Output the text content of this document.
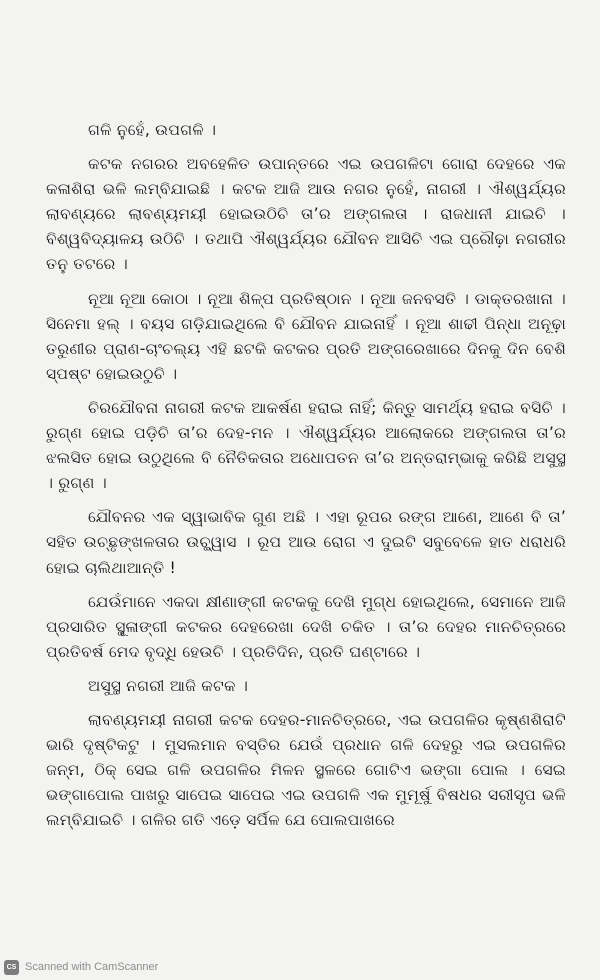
ଗଳି ନୁହେଁ, ଉପଗଳି ।

କଟକ ନଗରର ଅବହେଳିତ ଉପାନ୍ତରେ ଏଇ ଉପଗଳିଟା ଗୋରା ଦେହରେ ଏକ କଳାଶିରା ଭଳି ଲମ୍ବିଯାଇଛି । କଟକ ଆଜି ଆଉ ନଗର ନୁହେଁ, ନାଗରୀ । ଐଶ୍ୱର୍ଯ୍ୟର ଲାବଣ୍ୟରେ ଲାବଣ୍ୟମୟୀ ହୋଇଉଠିଚି ତା’ର ଅଙ୍ଗଲତା । ରାଜଧାନୀ ଯାଇଚି । ବିଶ୍ୱବିଦ୍ୟାଳୟ ଉଠିଚି । ତଥାପି ଐଶ୍ୱର୍ଯ୍ୟର ଯୌବନ ଆସିଚି ଏଇ ପ୍ରୌଢ଼ା ନଗରୀର ତନୁ ତଟରେ ।

ନୂଆ ନୂଆ କୋଠା । ନୂଆ ଶିଳ୍ପ ପ୍ରତିଷ୍ଠାନ । ନୂଆ ଜନବସତି । ଡାକ୍ତରଖାନା । ସିନେମା ହଲ୍ । ବୟସ ଗଡ଼ିଯାଇଥିଲେ ବି ଯୌବନ ଯାଇନାହିଁ । ନୂଆ ଶାଢୀ ପିନ୍ଧା ଅନୂଢ଼ା ତରୁଣୀର ପ୍ରାଣ-ଚାଂଚଲ୍ୟ ଏହି ଛଟକି କଟକର ପ୍ରତି ଅଙ୍ଗରେଖାରେ ଦିନକୁ ଦିନ ବେଶି ସ୍ପଷ୍ଟ ହୋଇଉଠୁଚି ।

ଚିରଯୌବନା ନାଗରୀ କଟକ ଆକର୍ଷଣ ହରାଇ ନାହିଁ; କିନ୍ତୁ ସାମର୍ଥ୍ୟ ହରାଇ ବସିଚି । ରୁଗ୍ଣ ହୋଇ ପଡ଼ିଚି ତା’ର ଦେହ-ମନ । ଐଶ୍ୱର୍ଯ୍ୟର ଆଲୋକରେ ଅଙ୍ଗଲତା ତା’ର ଝଲସିତ ହୋଇ ଉଠୁଥିଲେ ବି ନୈତିକତାର ଅଧୋପତନ ତା’ର ଅନ୍ତରାମ୍ଭାକୁ କରିଛି ଅସୁସ୍ଥ । ରୁଗ୍ଣ ।

ଯୌବନର ଏକ ସ୍ୱାଭାବିକ ଗୁଣ ଅଛି । ଏହା ରୂପର ରଙ୍ଗ ଆଣେ, ଆଣେ ବି ତା’ ସହିତ ଉଚ୍ଛୃଙ୍ଖଳତାର ଉଚ୍ଛ୍ୱାସ । ରୂପ ଆଉ ରୋଗ ଏ ଦୁଇଟି ସବୁବେଳେ ହାତ ଧରାଧରି ହୋଇ ଚାଲିଥାଆନ୍ତି !

ଯେଉଁମାନେ ଏକଦା କ୍ଷୀଣାଙ୍ଗୀ କଟକକୁ ଦେଖି ମୁଗ୍ଧ ହୋଇଥିଲେ, ସେମାନେ ଆଜି ପ୍ରସାରିତ ସ୍ଥୂଳାଙ୍ଗୀ କଟକର ଦେହରେଖା ଦେଖି ଚକିତ । ତା’ର ଦେହର ମାନଚିତ୍ରରେ ପ୍ରତିବର୍ଷ ମେଦ ବୃଦ୍ଧି ହେଉଚି । ପ୍ରତିଦିନ, ପ୍ରତି ଘଣ୍ଟାରେ ।

ଅସୁସ୍ଥ ନଗରୀ ଆଜି କଟକ ।

ଲାବଣ୍ୟମୟୀ ନାଗରୀ କଟକ ଦେହର-ମାନଚିତ୍ରରେ, ଏଇ ଉପଗଳିର କୃଷ୍ଣଶିରାଟି ଭାରି ଦୃଷ୍ଟିକଟୁ । ମୁସଲମାନ ବସ୍ତିର ଯେଉଁ ପ୍ରଧାନ ଗଳି ଦେହରୁ ଏଇ ଉପଗଳିର ଜନ୍ମ, ଠିକ୍ ସେଇ ଗଳି ଉପଗଳିର ମିଳନ ସ୍ଥଳରେ ଗୋଟିଏ ଭଙ୍ଗା ପୋଲ । ସେଇ ଭଙ୍ଗାପୋଲ ପାଖରୁ ସାପେଇ ସାପେଇ ଏଇ ଉପଗଳି ଏକ ମୁମୂର୍ଷୁ ବିଷଧର ସରୀସୃପ ଭଳି ଲମ୍ବିଯାଇଚି । ଗଳିର ଗତି ଏଡ଼େ ସର୍ପିଳ ଯେ ପୋଲପାଖରେ

CS Scanned with CamScanner
